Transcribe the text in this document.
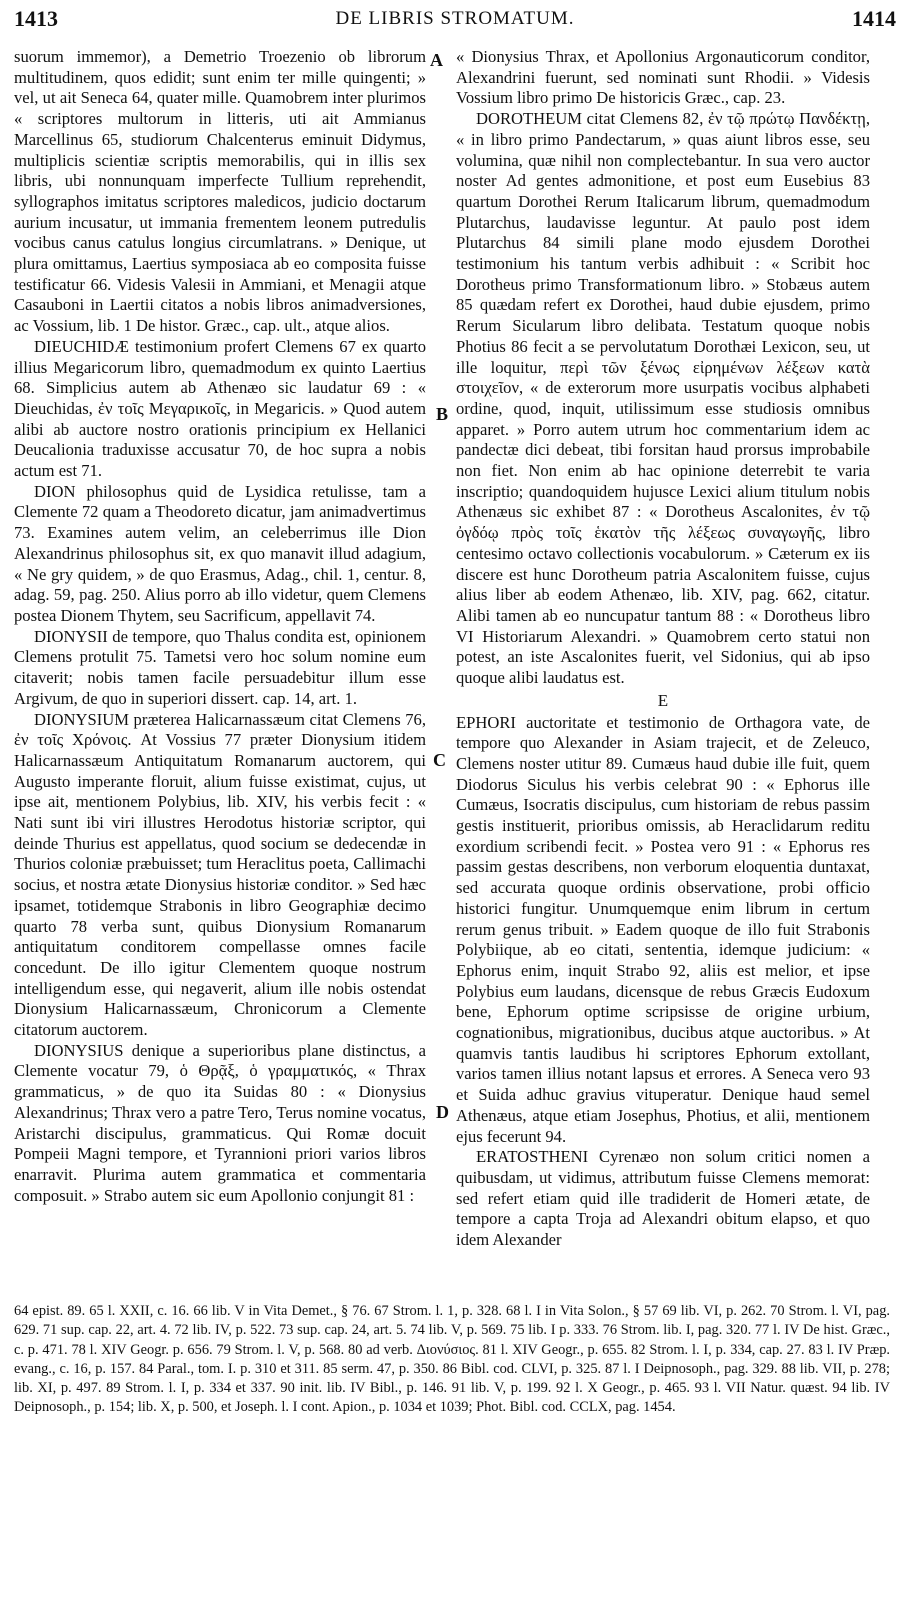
1413	DE LIBRIS STROMATUM.	1414
A
B
C
D

suorum immemor), a Demetrio Troezenio ob librorum multitudinem, quos edidit; sunt enim ter mille quingenti; » vel, ut ait Seneca 64, quater mille. Quamobrem inter plurimos « scriptores multorum in litteris, uti ait Ammianus Marcellinus 65, studiorum Chalcenterus eminuit Didymus, multiplicis scientiæ scriptis memorabilis, qui in illis sex libris, ubi nonnunquam imperfecte Tullium reprehendit, syllographos imitatus scriptores maledicos, judicio doctarum aurium incusatur, ut immania frementem leonem putredulis vocibus canus catulus longius circumlatrans. » Denique, ut plura omittamus, Laertius symposiaca ab eo composita fuisse testificatur 66. Videsis Valesii in Ammiani, et Menagii atque Casauboni in Laertii citatos a nobis libros animadversiones, ac Vossium, lib. 1 De histor. Græc., cap. ult., atque alios.

DIEUCHIDÆ testimonium profert Clemens 67 ex quarto illius Megaricorum libro, quemadmodum ex quinto Laertius 68. Simplicius autem ab Athenæo sic laudatur 69 : « Dieuchidas, ἐν τοῖς Μεγαρικοῖς, in Megaricis. » Quod autem alibi ab auctore nostro orationis principium ex Hellanici Deucalionia traduxisse accusatur 70, de hoc supra a nobis actum est 71.

DION philosophus quid de Lysidica retulisse, tam a Clemente 72 quam a Theodoreto dicatur, jam animadvertimus 73. Examines autem velim, an celeberrimus ille Dion Alexandrinus philosophus sit, ex quo manavit illud adagium, « Ne gry quidem, » de quo Erasmus, Adag., chil. 1, centur. 8, adag. 59, pag. 250. Alius porro ab illo videtur, quem Clemens postea Dionem Thytem, seu Sacrificum, appellavit 74.

DIONYSII de tempore, quo Thalus condita est, opinionem Clemens protulit 75. Tametsi vero hoc solum nomine eum citaverit; nobis tamen facile persuadebitur illum esse Argivum, de quo in superiori dissert. cap. 14, art. 1.

DIONYSIUM præterea Halicarnassæum citat Clemens 76, ἐν τοῖς Χρόνοις. At Vossius 77 præter Dionysium itidem Halicarnassæum Antiquitatum Romanarum auctorem, qui Augusto imperante floruit, alium fuisse existimat, cujus, ut ipse ait, mentionem Polybius, lib. XIV, his verbis fecit : « Nati sunt ibi viri illustres Herodotus historiæ scriptor, qui deinde Thurius est appellatus, quod socium se dedecendæ in Thurios coloniæ præbuisset; tum Heraclitus poeta, Callimachi socius, et nostra ætate Dionysius historiæ conditor. » Sed hæc ipsamet, totidemque Strabonis in libro Geographiæ decimo quarto 78 verba sunt, quibus Dionysium Romanarum antiquitatum conditorem compellasse omnes facile concedunt. De illo igitur Clementem quoque nostrum intelligendum esse, qui negaverit, alium ille nobis ostendat Dionysium Halicarnassæum, Chronicorum a Clemente citatorum auctorem.

DIONYSIUS denique a superioribus plane distinctus, a Clemente vocatur 79, ὁ Θρᾷξ, ὁ γραμματικός, « Thrax grammaticus, » de quo ita Suidas 80 : « Dionysius Alexandrinus; Thrax vero a patre Tero, Terus nomine vocatus, Aristarchi discipulus, grammaticus. Qui Romæ docuit Pompeii Magni tempore, et Tyrannioni priori varios libros enarravit. Plurima autem grammatica et commentaria composuit. » Strabo autem sic eum Apollonio conjungit 81 :

« Dionysius Thrax, et Apollonius Argonauticorum conditor, Alexandrini fuerunt, sed nominati sunt Rhodii. » Videsis Vossium libro primo De historicis Græc., cap. 23.

DOROTHEUM citat Clemens 82, ἐν τῷ πρώτῳ Πανδέκτῃ, « in libro primo Pandectarum, » quas aiunt libros esse, seu volumina, quæ nihil non complectebantur. In sua vero auctor noster Ad gentes admonitione, et post eum Eusebius 83 quartum Dorothei Rerum Italicarum librum, quemadmodum Plutarchus, laudavisse leguntur. At paulo post idem Plutarchus 84 simili plane modo ejusdem Dorothei testimonium his tantum verbis adhibuit : « Scribit hoc Dorotheus primo Transformationum libro. » Stobæus autem 85 quædam refert ex Dorothei, haud dubie ejusdem, primo Rerum Sicularum libro delibata. Testatum quoque nobis Photius 86 fecit a se pervolutatum Dorothæi Lexicon, seu, ut ille loquitur, περὶ τῶν ξένως εἰρημένων λέξεων κατὰ στοιχεῖον, « de exterorum more usurpatis vocibus alphabeti ordine, quod, inquit, utilissimum esse studiosis omnibus apparet. » Porro autem utrum hoc commentarium idem ac pandectæ dici debeat, tibi forsitan haud prorsus improbabile non fiet. Non enim ab hac opinione deterrebit te varia inscriptio; quandoquidem hujusce Lexici alium titulum nobis Athenæus sic exhibet 87 : « Dorotheus Ascalonites, ἐν τῷ ὀγδόῳ πρὸς τοῖς ἑκατὸν τῆς λέξεως συναγωγῆς, libro centesimo octavo collectionis vocabulorum. » Cæterum ex iis discere est hunc Dorotheum patria Ascalonitem fuisse, cujus alius liber ab eodem Athenæo, lib. XIV, pag. 662, citatur. Alibi tamen ab eo nuncupatur tantum 88 : « Dorotheus libro VI Historiarum Alexandri. » Quamobrem certo statui non potest, an iste Ascalonites fuerit, vel Sidonius, qui ab ipso quoque alibi laudatus est.

E

EPHORI auctoritate et testimonio de Orthagora vate, de tempore quo Alexander in Asiam trajecit, et de Zeleuco, Clemens noster utitur 89. Cumæus haud dubie ille fuit, quem Diodorus Siculus his verbis celebrat 90 : « Ephorus ille Cumæus, Isocratis discipulus, cum historiam de rebus passim gestis instituerit, prioribus omissis, ab Heraclidarum reditu exordium scribendi fecit. » Postea vero 91 : « Ephorus res passim gestas describens, non verborum eloquentia duntaxat, sed accurata quoque ordinis observatione, probi officio historici fungitur. Unumquemque enim librum in certum rerum genus tribuit. » Eadem quoque de illo fuit Strabonis Polybiique, ab eo citati, sententia, idemque judicium: « Ephorus enim, inquit Strabo 92, aliis est melior, et ipse Polybius eum laudans, dicensque de rebus Græcis Eudoxum bene, Ephorum optime scripsisse de origine urbium, cognationibus, migrationibus, ducibus atque auctoribus. » At quamvis tantis laudibus hi scriptores Ephorum extollant, varios tamen illius notant lapsus et errores. A Seneca vero 93 et Suida adhuc gravius vituperatur. Denique haud semel Athenæus, atque etiam Josephus, Photius, et alii, mentionem ejus fecerunt 94.

ERATOSTHENI Cyrenæo non solum critici nomen a quibusdam, ut vidimus, attributum fuisse Clemens memorat: sed refert etiam quid ille tradiderit de Homeri ætate, de tempore a capta Troja ad Alexandri obitum elapso, et quo idem Alexander

64 epist. 89. 65 l. XXII, c. 16. 66 lib. V in Vita Demet., § 76. 67 Strom. l. 1, p. 328. 68 l. I in Vita Solon., § 57 69 lib. VI, p. 262. 70 Strom. l. VI, pag. 629. 71 sup. cap. 22, art. 4. 72 lib. IV, p. 522. 73 sup. cap. 24, art. 5. 74 lib. V, p. 569. 75 lib. I p. 333. 76 Strom. lib. I, pag. 320. 77 l. IV De hist. Græc., c. p. 471. 78 l. XIV Geogr. p. 656. 79 Strom. l. V, p. 568. 80 ad verb. Διονύσιος. 81 l. XIV Geogr., p. 655. 82 Strom. l. I, p. 334, cap. 27. 83 l. IV Præp. evang., c. 16, p. 157. 84 Paral., tom. I. p. 310 et 311. 85 serm. 47, p. 350. 86 Bibl. cod. CLVI, p. 325. 87 l. I Deipnosoph., pag. 329. 88 lib. VII, p. 278; lib. XI, p. 497. 89 Strom. l. I, p. 334 et 337. 90 init. lib. IV Bibl., p. 146. 91 lib. V, p. 199. 92 l. X Geogr., p. 465. 93 l. VII Natur. quæst. 94 lib. IV Deipnosoph., p. 154; lib. X, p. 500, et Joseph. l. I cont. Apion., p. 1034 et 1039; Phot. Bibl. cod. CCLX, pag. 1454.
